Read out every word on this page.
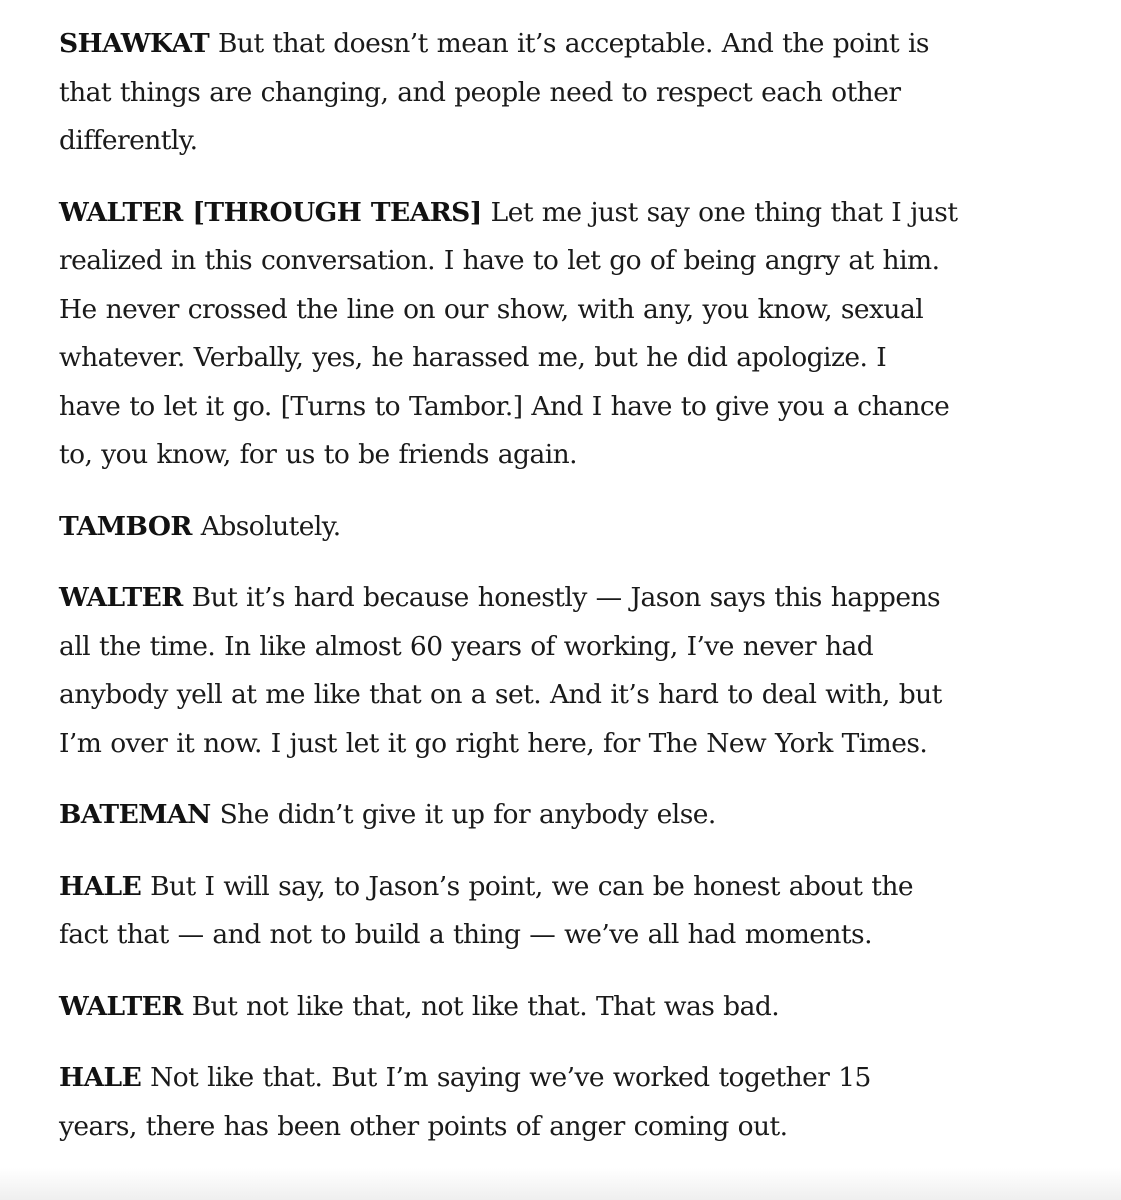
SHAWKAT But that doesn’t mean it’s acceptable. And the point is
that things are changing, and people need to respect each other
differently.

WALTER [THROUGH TEARS] Let me just say one thing that I just
realized in this conversation. I have to let go of being angry at him.
He never crossed the line on our show, with any, you know, sexual
whatever. Verbally, yes, he harassed me, but he did apologize. I
have to let it go. [Turns to Tambor.] And I have to give you a chance
to, you know, for us to be friends again.

TAMBOR Absolutely.

WALTER But it’s hard because honestly — Jason says this happens
all the time. In like almost 60 years of working, I’ve never had
anybody yell at me like that on a set. And it’s hard to deal with, but
I’m over it now. I just let it go right here, for The New York Times.

BATEMAN She didn’t give it up for anybody else.

HALE But I will say, to Jason’s point, we can be honest about the
fact that — and not to build a thing — we’ve all had moments.

WALTER But not like that, not like that. That was bad.

HALE Not like that. But I’m saying we’ve worked together 15
years, there has been other points of anger coming out.
